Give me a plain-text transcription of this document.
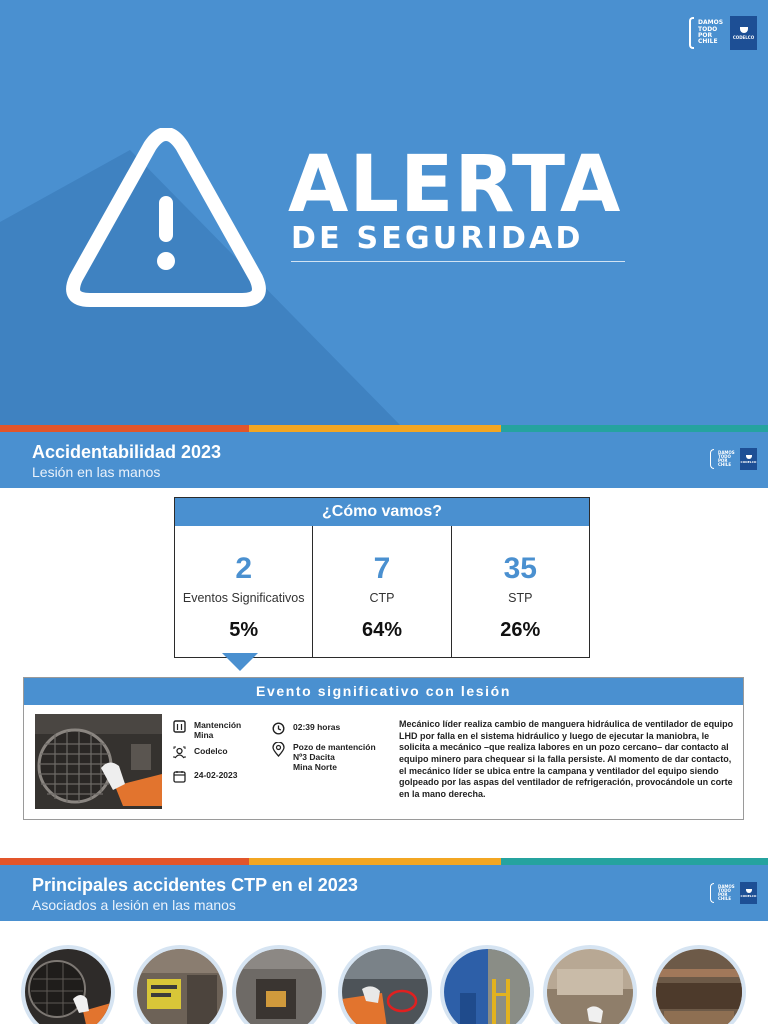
ALERTA
DE SEGURIDAD
DAMOS
TODO
POR
CHILE
CODELCO
Accidentabilidad 2023
Lesión en las manos
DAMOS
TODO
POR
CHILE
CODELCO
¿Cómo vamos?
2
Eventos Significativos
5%
7
CTP
64%
35
STP
26%
Evento significativo con lesión
Mantención
Mina
Codelco
24-02-2023
02:39 horas
Pozo de mantención
Nº3 Dacita
Mina Norte
Mecánico líder realiza cambio de manguera hidráulica de ventilador de equipo LHD por falla en el sistema hidráulico y luego de ejecutar la maniobra, le solicita a mecánico –que realiza labores en un pozo cercano– dar contacto al equipo minero para chequear si la falla persiste. Al momento de dar contacto, el mecánico líder se ubica entre la campana y ventilador del equipo siendo golpeado por las aspas del ventilador de refrigeración, provocándole un corte en la mano derecha.
Principales accidentes CTP en el 2023
Asociados a lesión en las manos
DAMOS
TODO
POR
CHILE
CODELCO
